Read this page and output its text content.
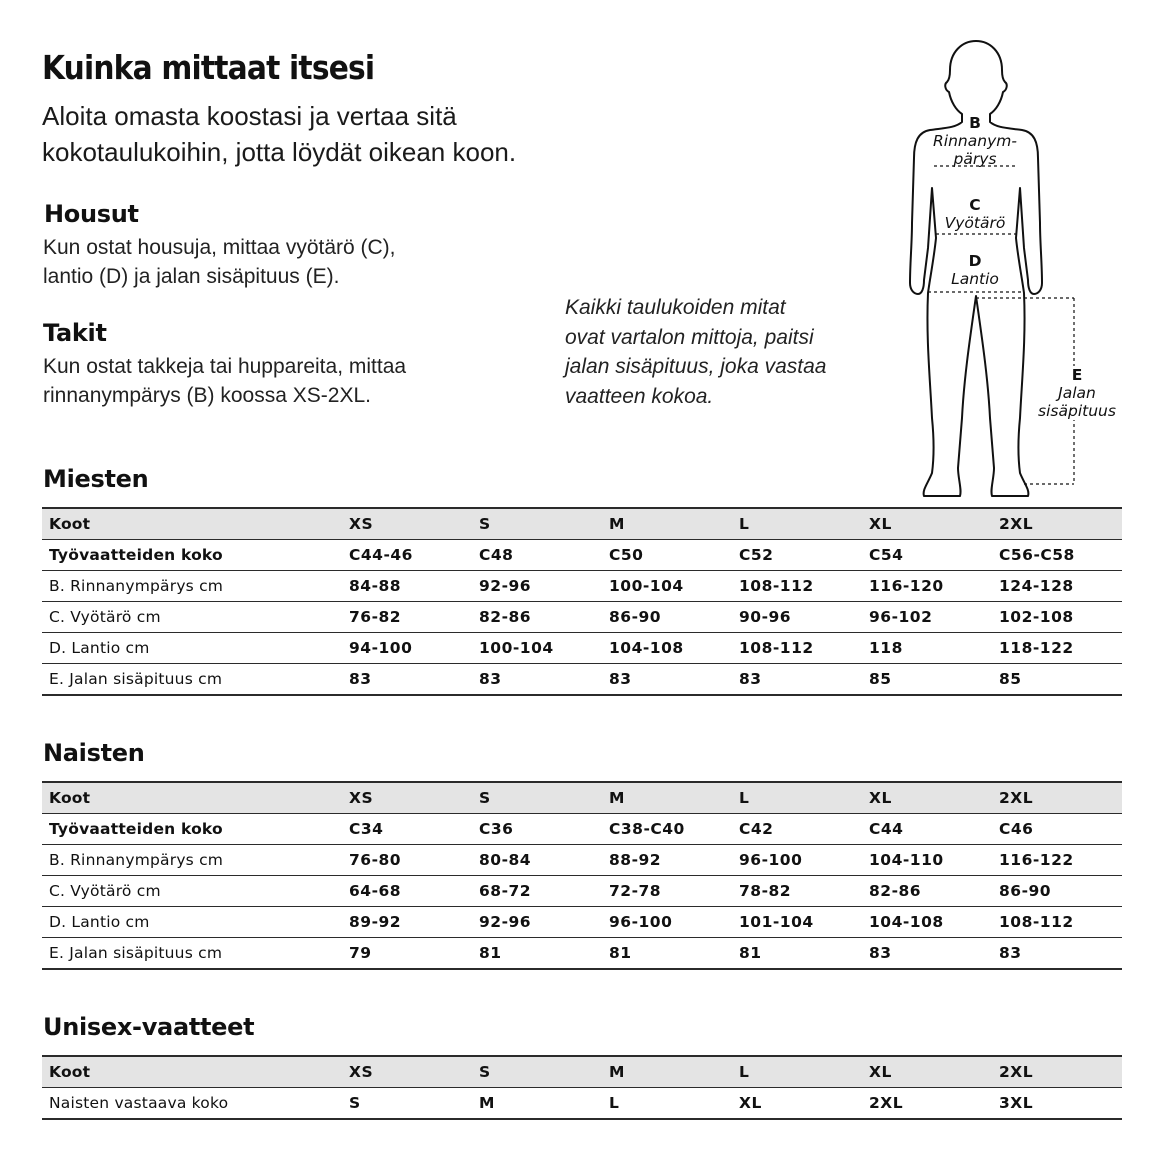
Kuinka mittaat itsesi
Aloita omasta koostasi ja vertaa sitä
kokotaulukoihin, jotta löydät oikean koon.
Housut
Kun ostat housuja, mittaa vyötärö (C),
lantio (D) ja jalan sisäpituus (E).
Takit
Kun ostat takkeja tai huppareita, mittaa
rinnanympärys (B) koossa XS-2XL.
Kaikki taulukoiden mitat
ovat vartalon mittoja, paitsi
jalan sisäpituus, joka vastaa
vaatteen kokoa.
B
Rinnanym-
pärys
C
Vyötärö
D
Lantio
E
Jalan
sisäpituus
Miesten
Koot	XS	S	M	L	XL	2XL
Työvaatteiden koko	C44-46	C48	C50	C52	C54	C56-C58
B. Rinnanympärys cm	84-88	92-96	100-104	108-112	116-120	124-128
C. Vyötärö cm	76-82	82-86	86-90	90-96	96-102	102-108
D. Lantio cm	94-100	100-104	104-108	108-112	118	118-122
E. Jalan sisäpituus cm	83	83	83	83	85	85
Naisten
Koot	XS	S	M	L	XL	2XL
Työvaatteiden koko	C34	C36	C38-C40	C42	C44	C46
B. Rinnanympärys cm	76-80	80-84	88-92	96-100	104-110	116-122
C. Vyötärö cm	64-68	68-72	72-78	78-82	82-86	86-90
D. Lantio cm	89-92	92-96	96-100	101-104	104-108	108-112
E. Jalan sisäpituus cm	79	81	81	81	83	83
Unisex-vaatteet
Koot	XS	S	M	L	XL	2XL
Naisten vastaava koko	S	M	L	XL	2XL	3XL
